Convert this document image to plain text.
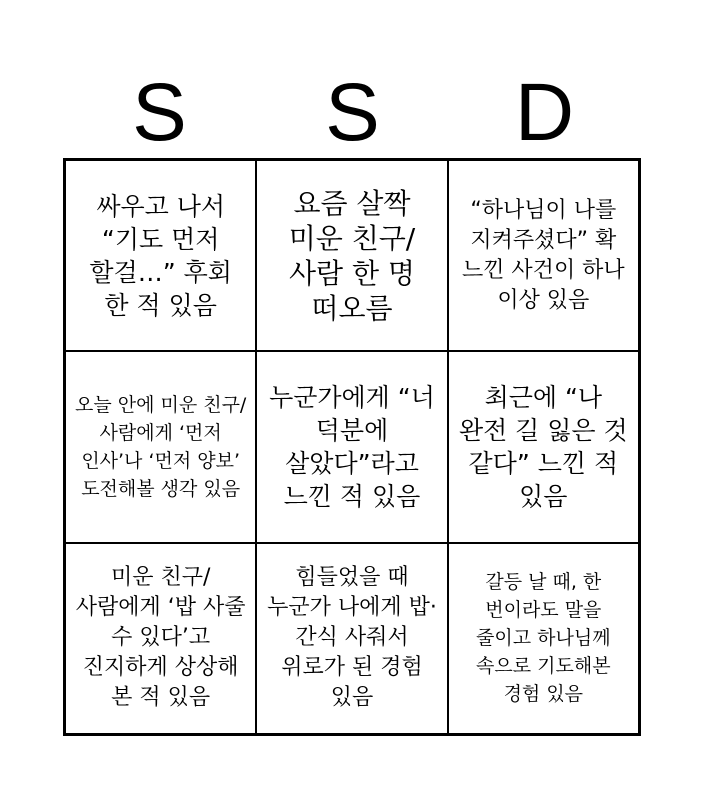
S	S	D
싸우고 나서 “기도 먼저 할걸…” 후회 한 적 있음
요즘 살짝 미운 친구/사람 한 명 떠오름
“하나님이 나를 지켜주셨다” 확 느낀 사건이 하나 이상 있음
오늘 안에 미운 친구/사람에게 ‘먼저 인사’나 ‘먼저 양보’ 도전해볼 생각 있음
누군가에게 “너 덕분에 살았다”라고 느낀 적 있음
최근에 “나 완전 길 잃은 것 같다” 느낀 적 있음
미운 친구/사람에게 ‘밥 사줄 수 있다’고 진지하게 상상해 본 적 있음
힘들었을 때 누군가 나에게 밥·간식 사줘서 위로가 된 경험 있음
갈등 날 때, 한 번이라도 말을 줄이고 하나님께 속으로 기도해본 경험 있음
